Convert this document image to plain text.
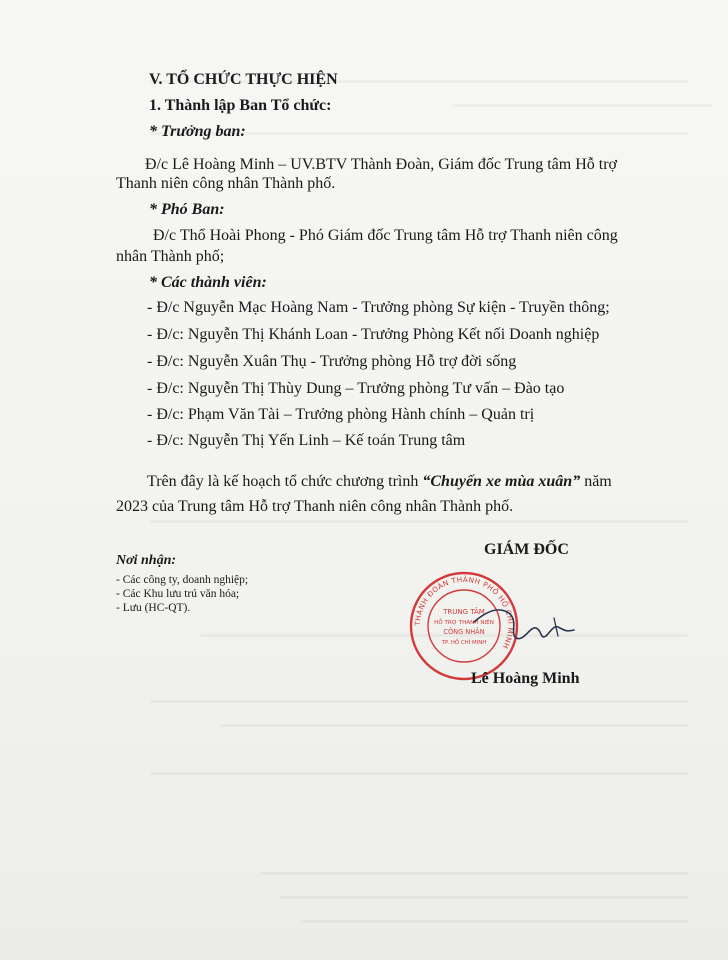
V. TỔ CHỨC THỰC HIỆN
1. Thành lập Ban Tổ chức:
* Trưởng ban:
Đ/c Lê Hoàng Minh – UV.BTV Thành Đoàn, Giám đốc Trung tâm Hỗ trợ
Thanh niên công nhân Thành phố.
* Phó Ban:
Đ/c Thổ Hoài Phong - Phó Giám đốc Trung tâm Hỗ trợ Thanh niên công
nhân Thành phố;
* Các thành viên:
- Đ/c Nguyễn Mạc Hoàng Nam - Trưởng phòng Sự kiện - Truyền thông;
- Đ/c: Nguyễn Thị Khánh Loan - Trưởng Phòng Kết nối Doanh nghiệp
- Đ/c: Nguyễn Xuân Thụ - Trưởng phòng Hỗ trợ đời sống
- Đ/c: Nguyễn Thị Thùy Dung – Trưởng phòng Tư vấn – Đào tạo
- Đ/c: Phạm Văn Tài – Trưởng phòng Hành chính – Quản trị
- Đ/c: Nguyễn Thị Yến Linh – Kế toán Trung tâm
Trên đây là kế hoạch tổ chức chương trình “Chuyến xe mùa xuân” năm
2023 của Trung tâm Hỗ trợ Thanh niên công nhân Thành phố.
GIÁM ĐỐC
Nơi nhận:
- Các công ty, doanh nghiệp;
- Các Khu lưu trú văn hóa;
- Lưu (HC-QT).
THÀNH ĐOÀN THÀNH PHỐ HỒ CHÍ MINH
TRUNG TÂM
HỖ TRỢ THANH NIÊN
CÔNG NHÂN
TP. HỒ CHÍ MINH
Lê Hoàng Minh
